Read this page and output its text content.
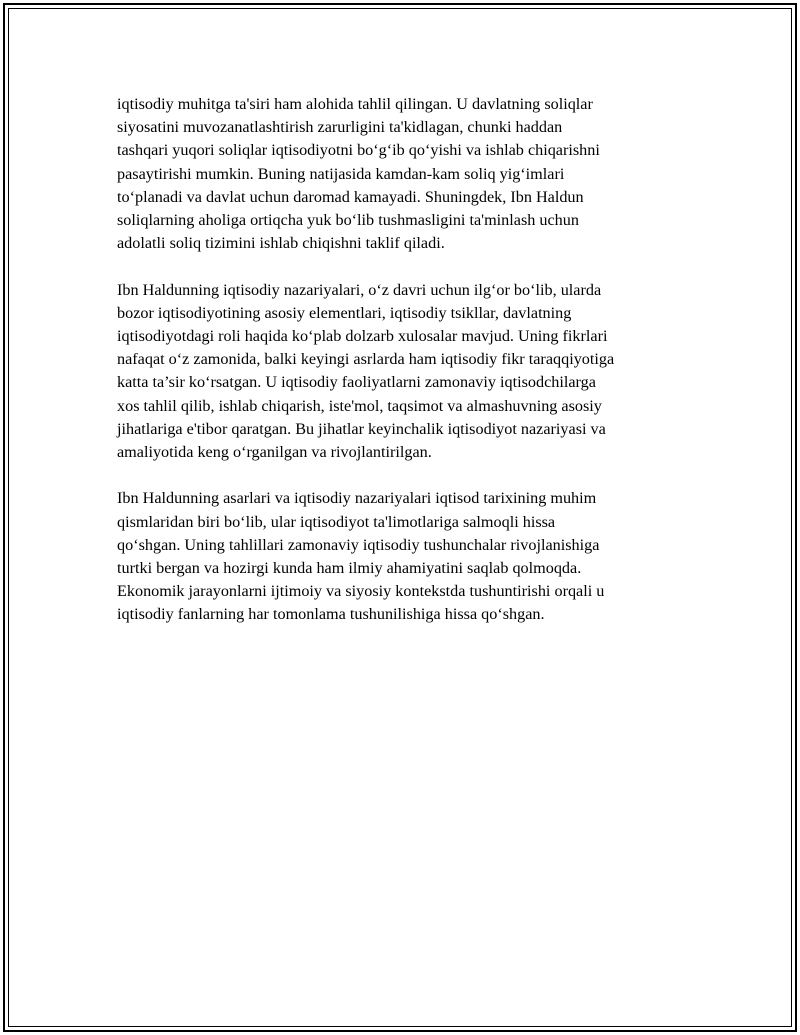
iqtisodiy muhitga ta'siri ham alohida tahlil qilingan. U davlatning soliqlar
siyosatini muvozanatlashtirish zarurligini ta'kidlagan, chunki haddan
tashqari yuqori soliqlar iqtisodiyotni bo‘g‘ib qo‘yishi va ishlab chiqarishni
pasaytirishi mumkin. Buning natijasida kamdan-kam soliq yig‘imlari
to‘planadi va davlat uchun daromad kamayadi. Shuningdek, Ibn Haldun
soliqlarning aholiga ortiqcha yuk bo‘lib tushmasligini ta'minlash uchun
adolatli soliq tizimini ishlab chiqishni taklif qiladi.

Ibn Haldunning iqtisodiy nazariyalari, o‘z davri uchun ilg‘or bo‘lib, ularda
bozor iqtisodiyotining asosiy elementlari, iqtisodiy tsikllar, davlatning
iqtisodiyotdagi roli haqida ko‘plab dolzarb xulosalar mavjud. Uning fikrlari
nafaqat o‘z zamonida, balki keyingi asrlarda ham iqtisodiy fikr taraqqiyotiga
katta ta’sir ko‘rsatgan. U iqtisodiy faoliyatlarni zamonaviy iqtisodchilarga
xos tahlil qilib, ishlab chiqarish, iste'mol, taqsimot va almashuvning asosiy
jihatlariga e'tibor qaratgan. Bu jihatlar keyinchalik iqtisodiyot nazariyasi va
amaliyotida keng o‘rganilgan va rivojlantirilgan.

Ibn Haldunning asarlari va iqtisodiy nazariyalari iqtisod tarixining muhim
qismlaridan biri bo‘lib, ular iqtisodiyot ta'limotlariga salmoqli hissa
qo‘shgan. Uning tahlillari zamonaviy iqtisodiy tushunchalar rivojlanishiga
turtki bergan va hozirgi kunda ham ilmiy ahamiyatini saqlab qolmoqda.
Ekonomik jarayonlarni ijtimoiy va siyosiy kontekstda tushuntirishi orqali u
iqtisodiy fanlarning har tomonlama tushunilishiga hissa qo‘shgan.
